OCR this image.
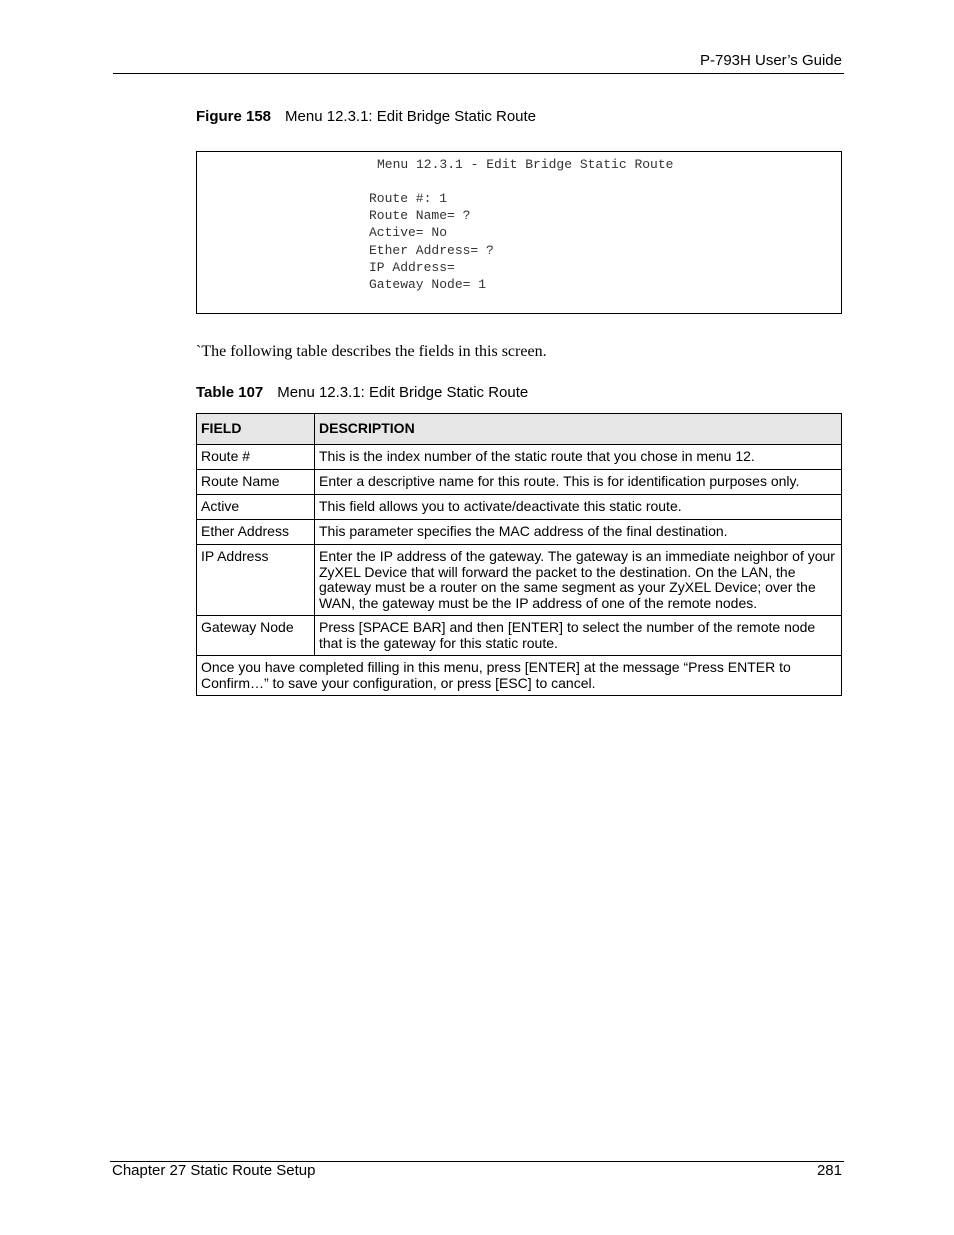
P-793H User’s Guide
Figure 158 Menu 12.3.1: Edit Bridge Static Route
Menu 12.3.1 - Edit Bridge Static Route
Route #: 1
Route Name= ?
Active= No
Ether Address= ?
IP Address=
Gateway Node= 1
`The following table describes the fields in this screen.
Table 107 Menu 12.3.1: Edit Bridge Static Route
FIELD	DESCRIPTION
Route #	This is the index number of the static route that you chose in menu 12.
Route Name	Enter a descriptive name for this route. This is for identification purposes only.
Active	This field allows you to activate/deactivate this static route.
Ether Address	This parameter specifies the MAC address of the final destination.
IP Address	Enter the IP address of the gateway. The gateway is an immediate neighbor of your ZyXEL Device that will forward the packet to the destination. On the LAN, the gateway must be a router on the same segment as your ZyXEL Device; over the WAN, the gateway must be the IP address of one of the remote nodes.
Gateway Node	Press [SPACE BAR] and then [ENTER] to select the number of the remote node that is the gateway for this static route.
Once you have completed filling in this menu, press [ENTER] at the message “Press ENTER to Confirm…” to save your configuration, or press [ESC] to cancel.	
Chapter 27 Static Route Setup	281
